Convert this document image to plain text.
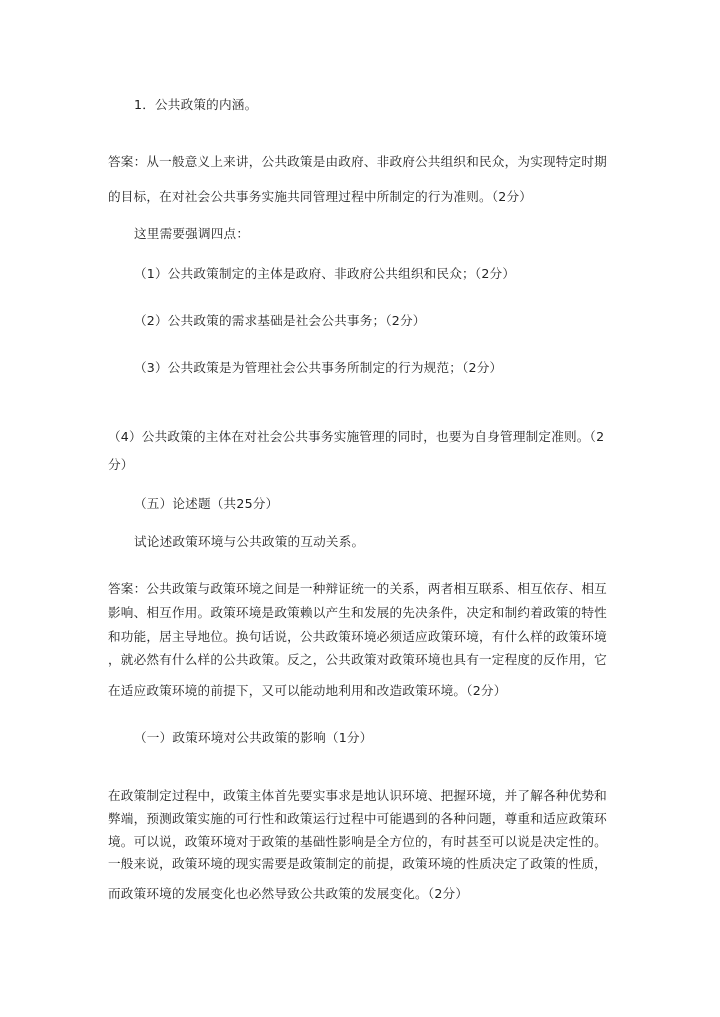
1．公共政策的内涵。
答案：从一般意义上来讲，公共政策是由政府、非政府公共组织和民众，为实现特定时期
的目标，在对社会公共事务实施共同管理过程中所制定的行为准则。（2分）
这里需要强调四点：
（1）公共政策制定的主体是政府、非政府公共组织和民众；（2分）
（2）公共政策的需求基础是社会公共事务；（2分）
（3）公共政策是为管理社会公共事务所制定的行为规范；（2分）
（4）公共政策的主体在对社会公共事务实施管理的同时，也要为自身管理制定准则。（2
分）
（五）论述题（共25分）
试论述政策环境与公共政策的互动关系。
答案：公共政策与政策环境之间是一种辩证统一的关系，两者相互联系、相互依存、相互
影响、相互作用。政策环境是政策赖以产生和发展的先决条件，决定和制约着政策的特性
和功能，居主导地位。换句话说，公共政策环境必须适应政策环境，有什么样的政策环境
，就必然有什么样的公共政策。反之，公共政策对政策环境也具有一定程度的反作用，它
在适应政策环境的前提下，又可以能动地利用和改造政策环境。（2分）
（一）政策环境对公共政策的影响（1分）
在政策制定过程中，政策主体首先要实事求是地认识环境、把握环境，并了解各种优势和
弊端，预测政策实施的可行性和政策运行过程中可能遇到的各种问题，尊重和适应政策环
境。可以说，政策环境对于政策的基础性影响是全方位的，有时甚至可以说是决定性的。
一般来说，政策环境的现实需要是政策制定的前提，政策环境的性质决定了政策的性质，
而政策环境的发展变化也必然导致公共政策的发展变化。（2分）
